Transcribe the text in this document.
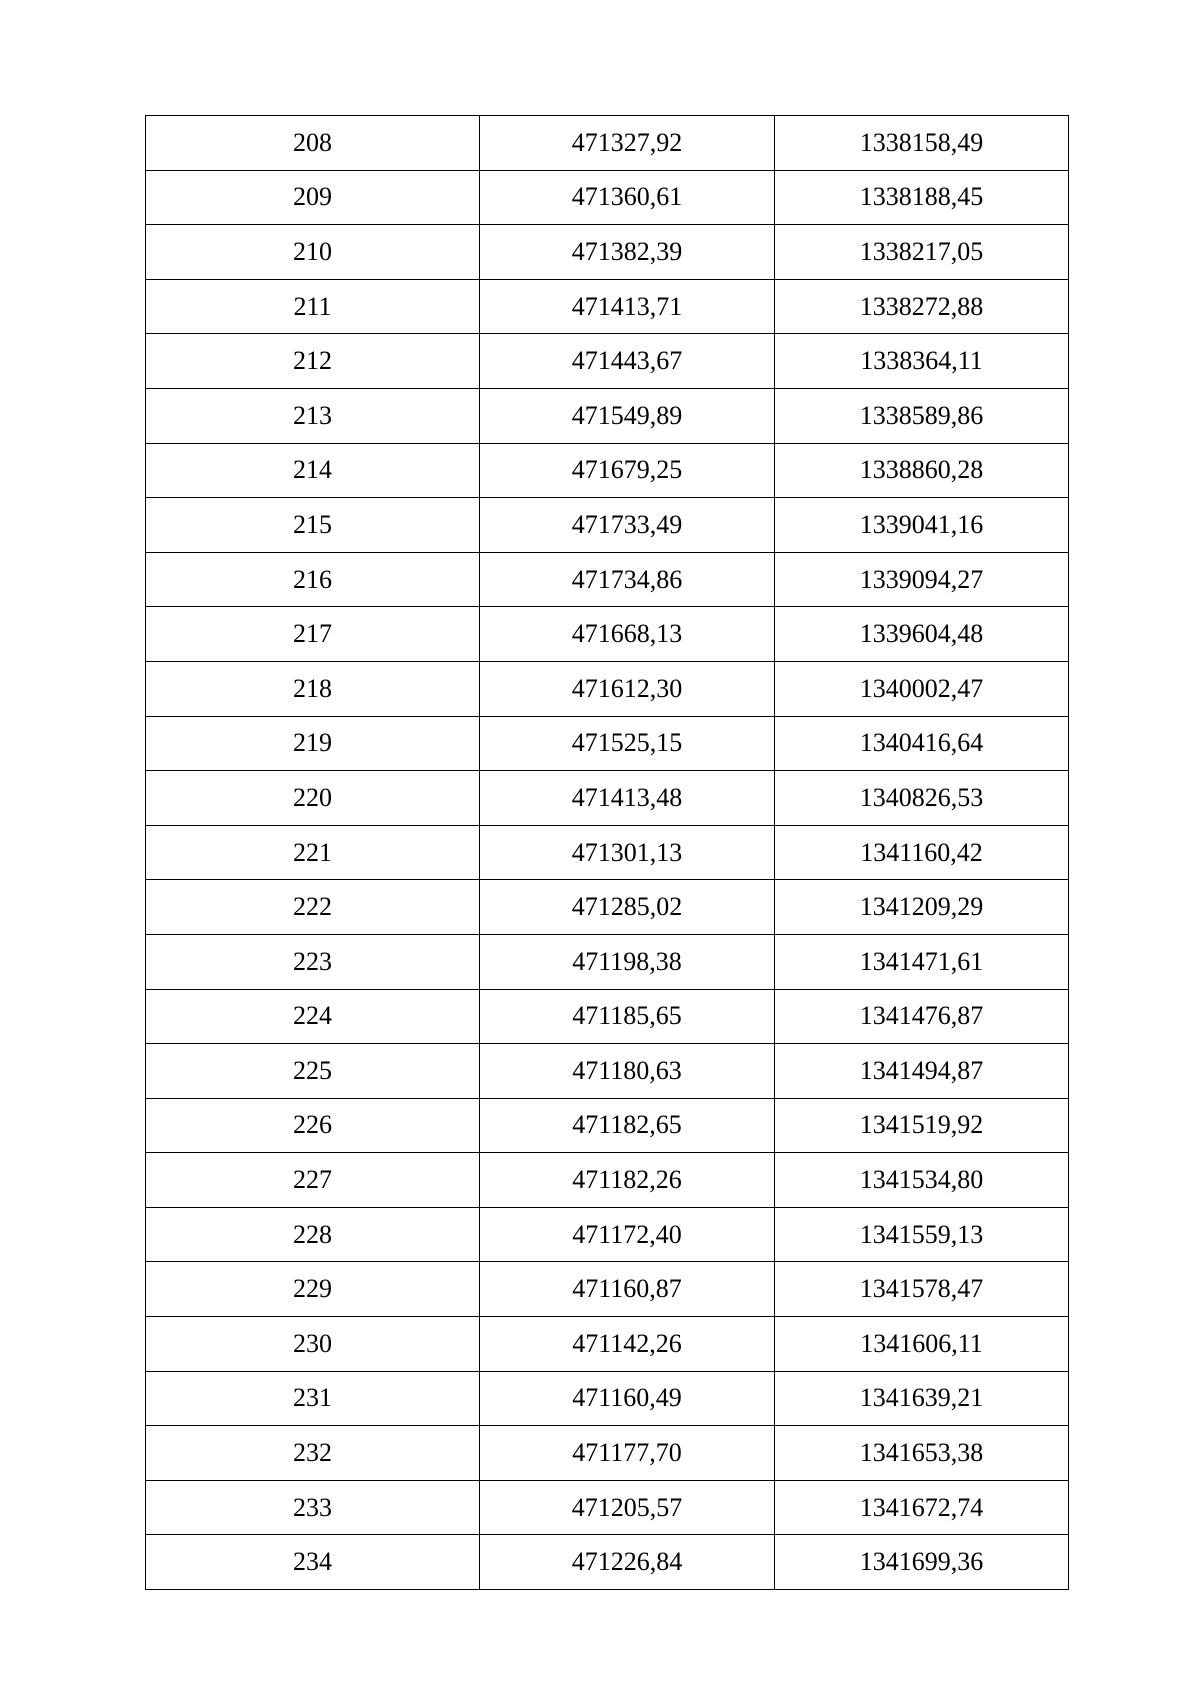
208	471327,92	1338158,49
209	471360,61	1338188,45
210	471382,39	1338217,05
211	471413,71	1338272,88
212	471443,67	1338364,11
213	471549,89	1338589,86
214	471679,25	1338860,28
215	471733,49	1339041,16
216	471734,86	1339094,27
217	471668,13	1339604,48
218	471612,30	1340002,47
219	471525,15	1340416,64
220	471413,48	1340826,53
221	471301,13	1341160,42
222	471285,02	1341209,29
223	471198,38	1341471,61
224	471185,65	1341476,87
225	471180,63	1341494,87
226	471182,65	1341519,92
227	471182,26	1341534,80
228	471172,40	1341559,13
229	471160,87	1341578,47
230	471142,26	1341606,11
231	471160,49	1341639,21
232	471177,70	1341653,38
233	471205,57	1341672,74
234	471226,84	1341699,36
